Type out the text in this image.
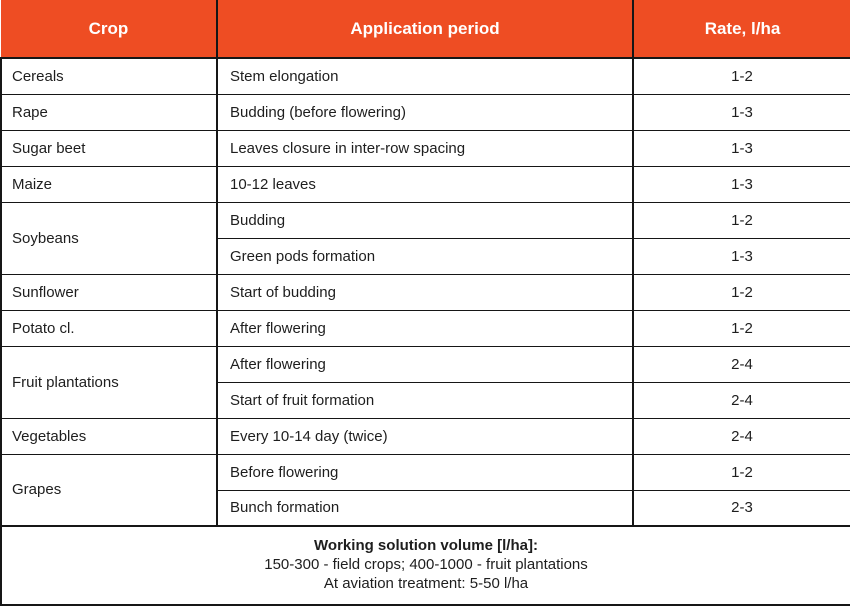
Crop	Application period	Rate, l/ha
Cereals	Stem elongation	1-2
Rape	Budding (before flowering)	1-3
Sugar beet	Leaves closure in inter-row spacing	1-3
Maize	10-12 leaves	1-3
Soybeans	Budding	1-2
	Green pods formation	1-3
Sunflower	Start of budding	1-2
Potato cl.	After flowering	1-2
Fruit plantations	After flowering	2-4
	Start of fruit formation	2-4
Vegetables	Every 10-14 day (twice)	2-4
Grapes	Before flowering	1-2
	Bunch formation	2-3

Working solution volume [l/ha]:
150-300 - field crops; 400-1000 - fruit plantations
At aviation treatment: 5-50 l/ha		
